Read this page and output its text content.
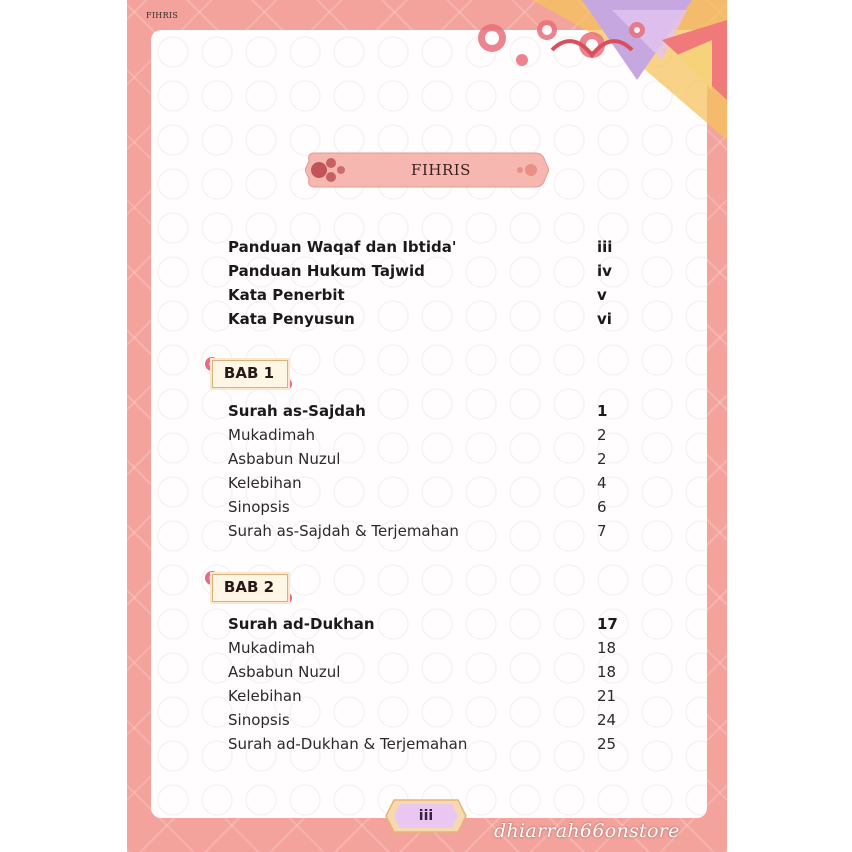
FIHRIS
FIHRIS
Panduan Waqaf dan Ibtida'	iii
Panduan Hukum Tajwid	iv
Kata Penerbit	v
Kata Penyusun	vi
BAB 1
Surah as-Sajdah	1
Mukadimah	2
Asbabun Nuzul	2
Kelebihan	4
Sinopsis	6
Surah as-Sajdah & Terjemahan	7
BAB 2
Surah ad-Dukhan	17
Mukadimah	18
Asbabun Nuzul	18
Kelebihan	21
Sinopsis	24
Surah ad-Dukhan & Terjemahan	25
iii
dhiarrah66onstore
